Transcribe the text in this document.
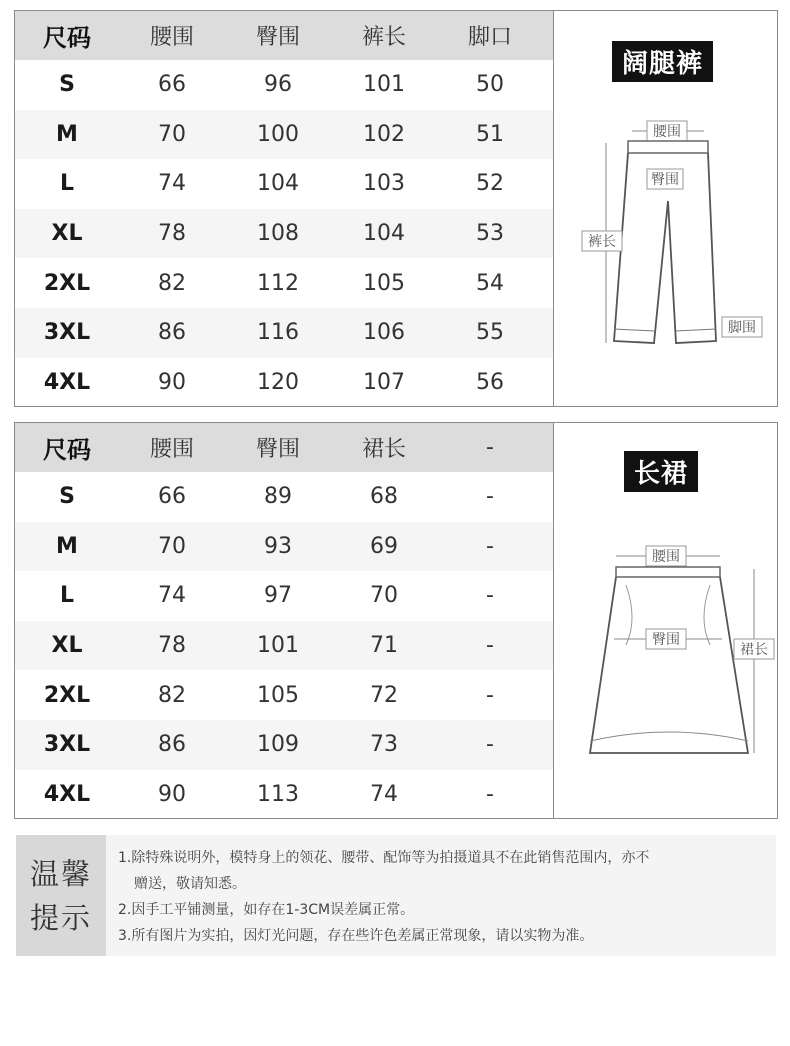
尺码	腰围	臀围	裤长	脚口
S	66	96	101	50
M	70	100	102	51
L	74	104	103	52
XL	78	108	104	53
2XL	82	112	105	54
3XL	86	116	106	55
4XL	90	120	107	56
阔腿裤
腰围
臀围
裤长
脚围
尺码	腰围	臀围	裙长	-
S	66	89	68	-
M	70	93	69	-
L	74	97	70	-
XL	78	101	71	-
2XL	82	105	72	-
3XL	86	109	73	-
4XL	90	113	74	-
长裙
腰围
臀围
裙长
温馨
提示
1.除特殊说明外，模特身上的领花、腰带、配饰等为拍摄道具不在此销售范围内，亦不
赠送，敬请知悉。
2.因手工平铺测量，如存在1-3CM误差属正常。
3.所有图片为实拍，因灯光问题，存在些许色差属正常现象，请以实物为准。
